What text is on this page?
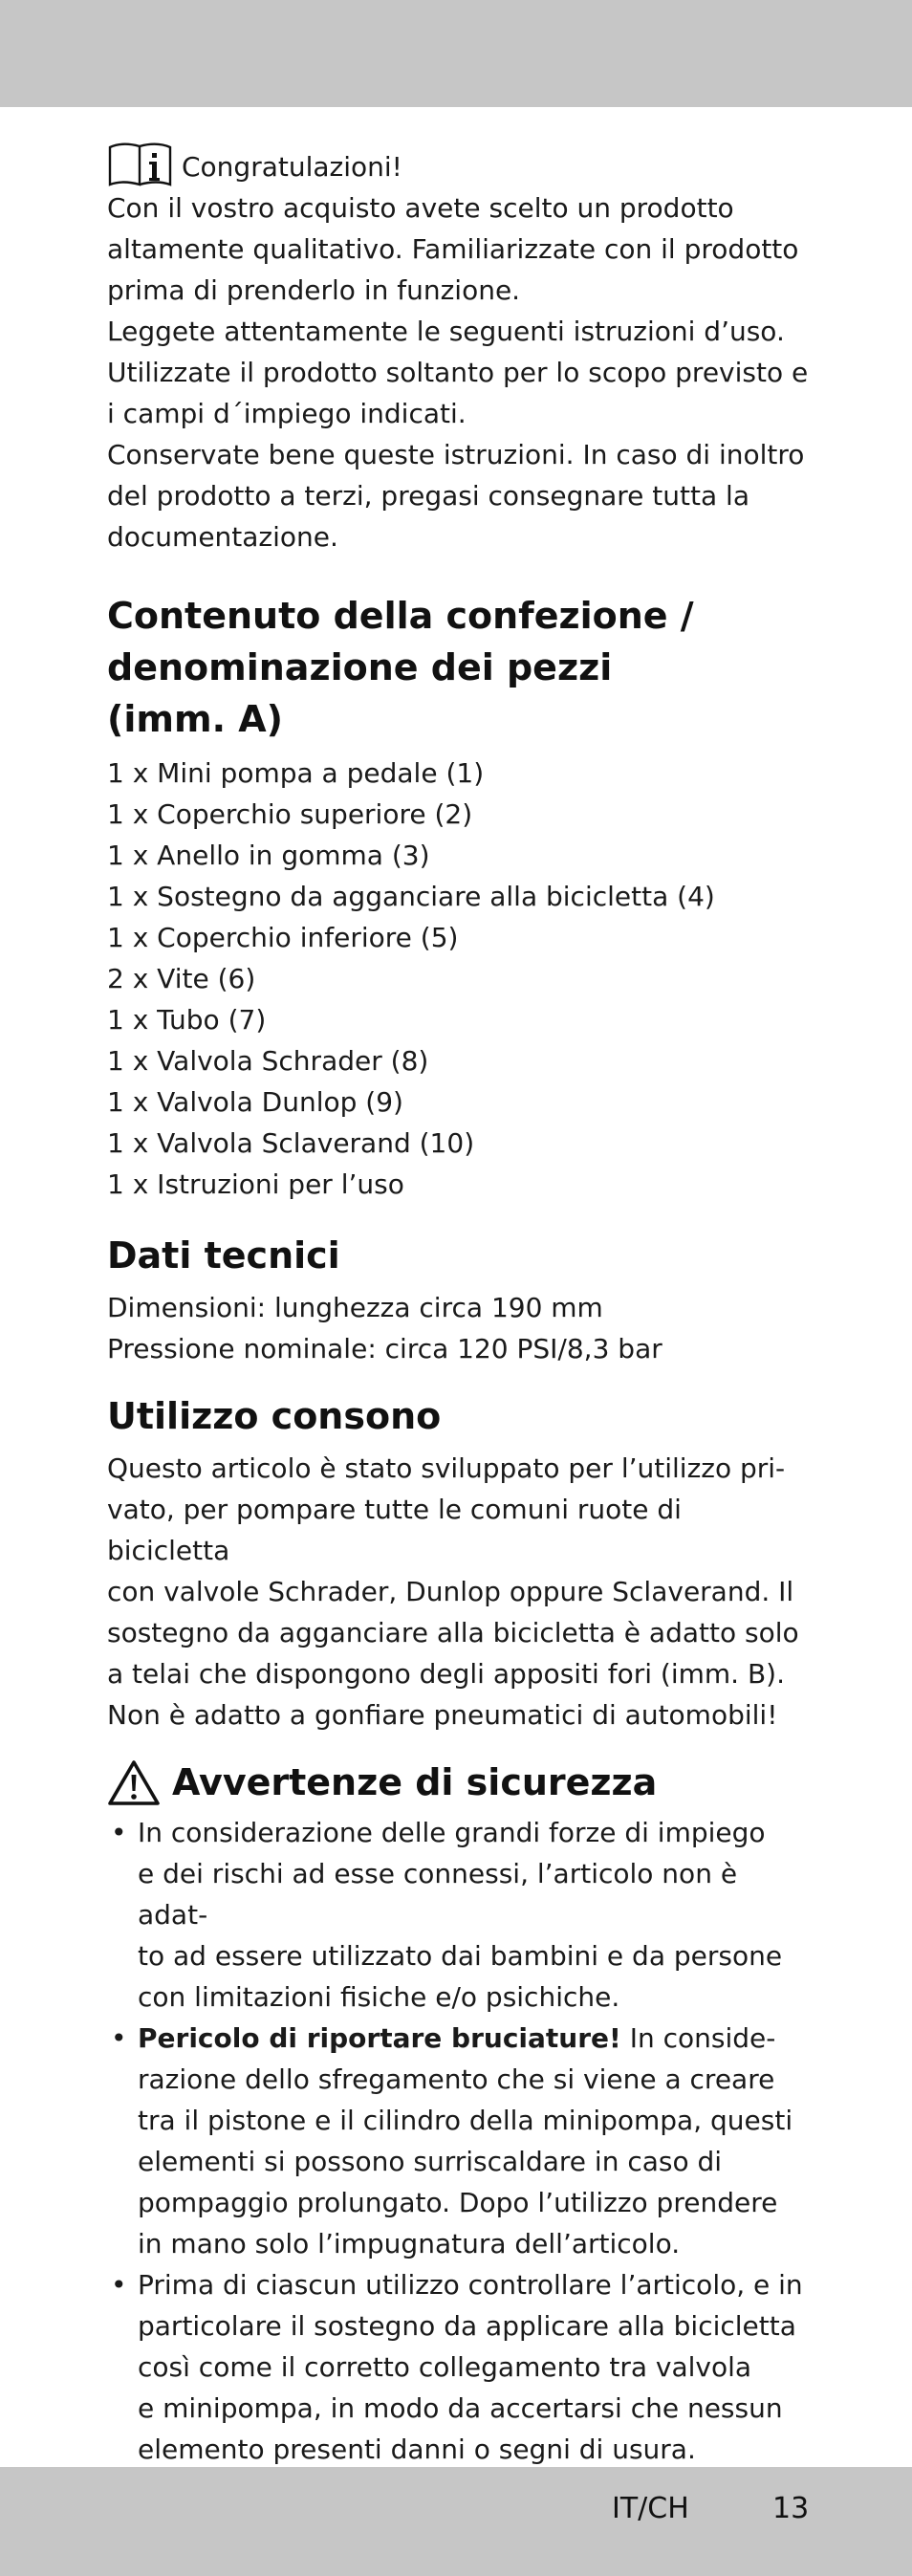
Congratulazioni!

Con il vostro acquisto avete scelto un prodotto

altamente qualitativo. Familiarizzate con il prodotto

prima di prenderlo in funzione.

Leggete attentamente le seguenti istruzioni d’uso.

Utilizzate il prodotto soltanto per lo scopo previsto e

i campi d´impiego indicati.

Conservate bene queste istruzioni. In caso di inoltro

del prodotto a terzi, pregasi consegnare tutta la

documentazione.

Contenuto della confezione /
denominazione dei pezzi
(imm. A)

1 x Mini pompa a pedale (1)

1 x Coperchio superiore (2)

1 x Anello in gomma (3)

1 x Sostegno da agganciare alla bicicletta (4)

1 x Coperchio inferiore (5)

2 x Vite (6)

1 x Tubo (7)

1 x Valvola Schrader (8)

1 x Valvola Dunlop (9)

1 x Valvola Sclaverand (10)

1 x Istruzioni per l’uso

Dati tecnici

Dimensioni: lunghezza circa 190 mm

Pressione nominale: circa 120 PSI/8,3 bar

Utilizzo consono

Questo articolo è stato sviluppato per l’utilizzo pri-

vato, per pompare tutte le comuni ruote di bicicletta

con valvole Schrader, Dunlop oppure Sclaverand. Il

sostegno da agganciare alla bicicletta è adatto solo

a telai che dispongono degli appositi fori (imm. B).

Non è adatto a gonfiare pneumatici di automobili!

Avvertenze di sicurezza
• In considerazione delle grandi forze di impiego
e dei rischi ad esse connessi, l’articolo non è adat-
to ad essere utilizzato dai bambini e da persone
con limitazioni fisiche e/o psichiche.
• Pericolo di riportare bruciature! In conside-
razione dello sfregamento che si viene a creare
tra il pistone e il cilindro della minipompa, questi
elementi si possono surriscaldare in caso di
pompaggio prolungato. Dopo l’utilizzo prendere
in mano solo l’impugnatura dell’articolo.
• Prima di ciascun utilizzo controllare l’articolo, e in
particolare il sostegno da applicare alla bicicletta
così come il corretto collegamento tra valvola
e minipompa, in modo da accertarsi che nessun
elemento presenti danni o segni di usura.
IT/CH	13
